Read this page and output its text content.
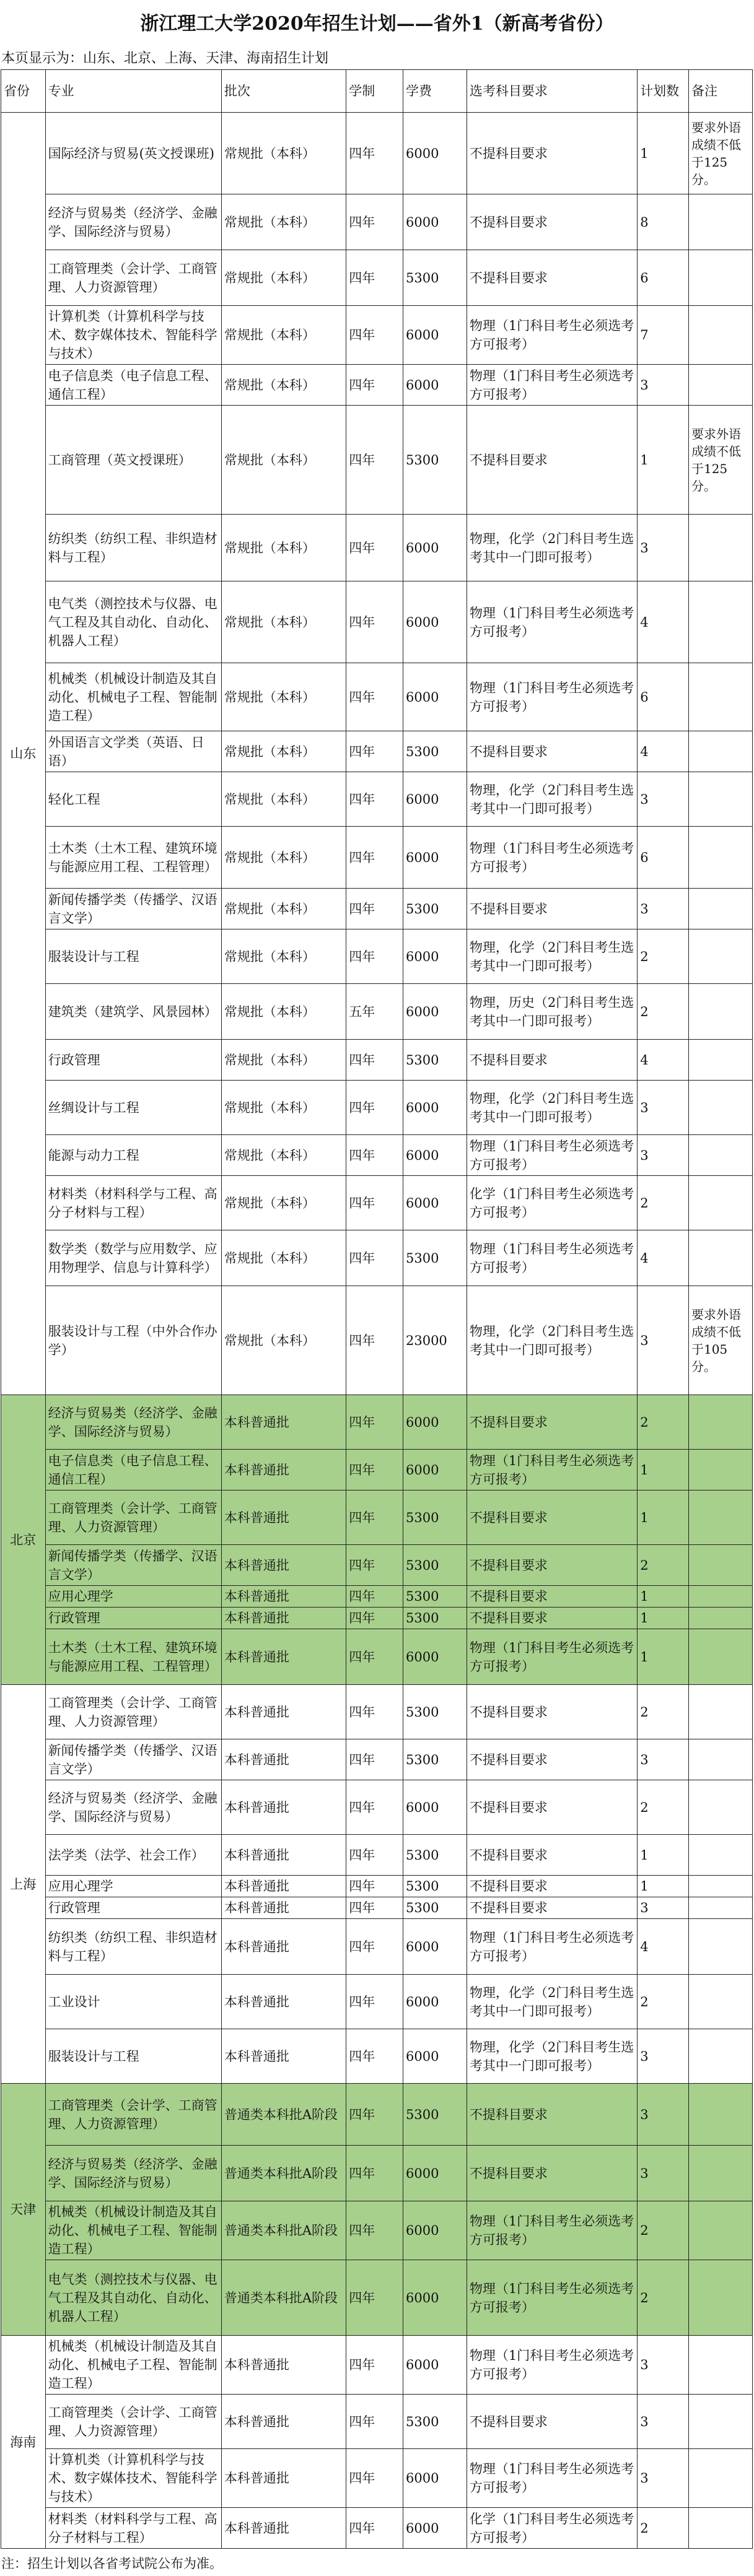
浙江理工大学2020年招生计划——省外1（新高考省份）
本页显示为：山东、北京、上海、天津、海南招生计划
省份	专业	批次	学制	学费	选考科目要求	计划数	备注
山东	国际经济与贸易(英文授课班)	常规批（本科）	四年	6000	不提科目要求	1	要求外语成绩不低于125分。
	经济与贸易类（经济学、金融学、国际经济与贸易）	常规批（本科）	四年	6000	不提科目要求	8	
	工商管理类（会计学、工商管理、人力资源管理）	常规批（本科）	四年	5300	不提科目要求	6	
	计算机类（计算机科学与技术、数字媒体技术、智能科学与技术）	常规批（本科）	四年	6000	物理（1门科目考生必须选考方可报考）	7	
	电子信息类（电子信息工程、通信工程）	常规批（本科）	四年	6000	物理（1门科目考生必须选考方可报考）	3	
	工商管理（英文授课班）	常规批（本科）	四年	5300	不提科目要求	1	要求外语成绩不低于125分。
	纺织类（纺织工程、非织造材料与工程）	常规批（本科）	四年	6000	物理，化学（2门科目考生选考其中一门即可报考）	3	
	电气类（测控技术与仪器、电气工程及其自动化、自动化、机器人工程）	常规批（本科）	四年	6000	物理（1门科目考生必须选考方可报考）	4	
	机械类（机械设计制造及其自动化、机械电子工程、智能制造工程）	常规批（本科）	四年	6000	物理（1门科目考生必须选考方可报考）	6	
	外国语言文学类（英语、日语）	常规批（本科）	四年	5300	不提科目要求	4	
	轻化工程	常规批（本科）	四年	6000	物理，化学（2门科目考生选考其中一门即可报考）	3	
	土木类（土木工程、建筑环境与能源应用工程、工程管理）	常规批（本科）	四年	6000	物理（1门科目考生必须选考方可报考）	6	
	新闻传播学类（传播学、汉语言文学）	常规批（本科）	四年	5300	不提科目要求	3	
	服装设计与工程	常规批（本科）	四年	6000	物理，化学（2门科目考生选考其中一门即可报考）	2	
	建筑类（建筑学、风景园林）	常规批（本科）	五年	6000	物理，历史（2门科目考生选考其中一门即可报考）	2	
	行政管理	常规批（本科）	四年	5300	不提科目要求	4	
	丝绸设计与工程	常规批（本科）	四年	6000	物理，化学（2门科目考生选考其中一门即可报考）	3	
	能源与动力工程	常规批（本科）	四年	6000	物理（1门科目考生必须选考方可报考）	3	
	材料类（材料科学与工程、高分子材料与工程）	常规批（本科）	四年	6000	化学（1门科目考生必须选考方可报考）	2	
	数学类（数学与应用数学、应用物理学、信息与计算科学）	常规批（本科）	四年	5300	物理（1门科目考生必须选考方可报考）	4	
	服装设计与工程（中外合作办学）	常规批（本科）	四年	23000	物理，化学（2门科目考生选考其中一门即可报考）	3	要求外语成绩不低于105分。
北京	经济与贸易类（经济学、金融学、国际经济与贸易）	本科普通批	四年	6000	不提科目要求	2	
	电子信息类（电子信息工程、通信工程）	本科普通批	四年	6000	物理（1门科目考生必须选考方可报考）	1	
	工商管理类（会计学、工商管理、人力资源管理）	本科普通批	四年	5300	不提科目要求	1	
	新闻传播学类（传播学、汉语言文学）	本科普通批	四年	5300	不提科目要求	2	
	应用心理学	本科普通批	四年	5300	不提科目要求	1	
	行政管理	本科普通批	四年	5300	不提科目要求	1	
	土木类（土木工程、建筑环境与能源应用工程、工程管理）	本科普通批	四年	6000	物理（1门科目考生必须选考方可报考）	1	
上海	工商管理类（会计学、工商管理、人力资源管理）	本科普通批	四年	5300	不提科目要求	2	
	新闻传播学类（传播学、汉语言文学）	本科普通批	四年	5300	不提科目要求	3	
	经济与贸易类（经济学、金融学、国际经济与贸易）	本科普通批	四年	6000	不提科目要求	2	
	法学类（法学、社会工作）	本科普通批	四年	5300	不提科目要求	1	
	应用心理学	本科普通批	四年	5300	不提科目要求	1	
	行政管理	本科普通批	四年	5300	不提科目要求	3	
	纺织类（纺织工程、非织造材料与工程）	本科普通批	四年	6000	物理（1门科目考生必须选考方可报考）	4	
	工业设计	本科普通批	四年	6000	物理，化学（2门科目考生选考其中一门即可报考）	2	
	服装设计与工程	本科普通批	四年	6000	物理，化学（2门科目考生选考其中一门即可报考）	3	
天津	工商管理类（会计学、工商管理、人力资源管理）	普通类本科批A阶段	四年	5300	不提科目要求	3	
	经济与贸易类（经济学、金融学、国际经济与贸易）	普通类本科批A阶段	四年	6000	不提科目要求	3	
	机械类（机械设计制造及其自动化、机械电子工程、智能制造工程）	普通类本科批A阶段	四年	6000	物理（1门科目考生必须选考方可报考）	2	
	电气类（测控技术与仪器、电气工程及其自动化、自动化、机器人工程）	普通类本科批A阶段	四年	6000	物理（1门科目考生必须选考方可报考）	2	
海南	机械类（机械设计制造及其自动化、机械电子工程、智能制造工程）	本科普通批	四年	6000	物理（1门科目考生必须选考方可报考）	3	
	工商管理类（会计学、工商管理、人力资源管理）	本科普通批	四年	5300	不提科目要求	3	
	计算机类（计算机科学与技术、数字媒体技术、智能科学与技术）	本科普通批	四年	6000	物理（1门科目考生必须选考方可报考）	3	
	材料类（材料科学与工程、高分子材料与工程）	本科普通批	四年	6000	化学（1门科目考生必须选考方可报考）	2	
注：招生计划以各省考试院公布为准。
